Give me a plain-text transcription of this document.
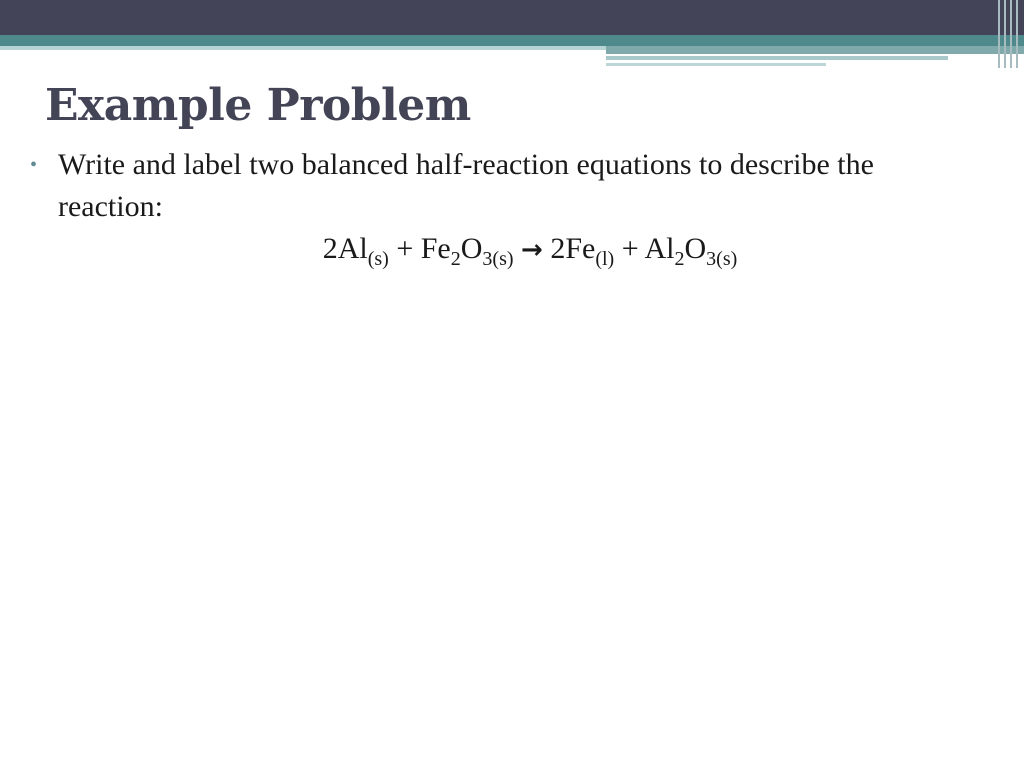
Example Problem
• Write and label two balanced half-reaction equations to describe the reaction:
$2Al_{(s)} + Fe_2O_{3(s)} \to 2Fe_{(l)} + Al_2O_{3(s)}$
